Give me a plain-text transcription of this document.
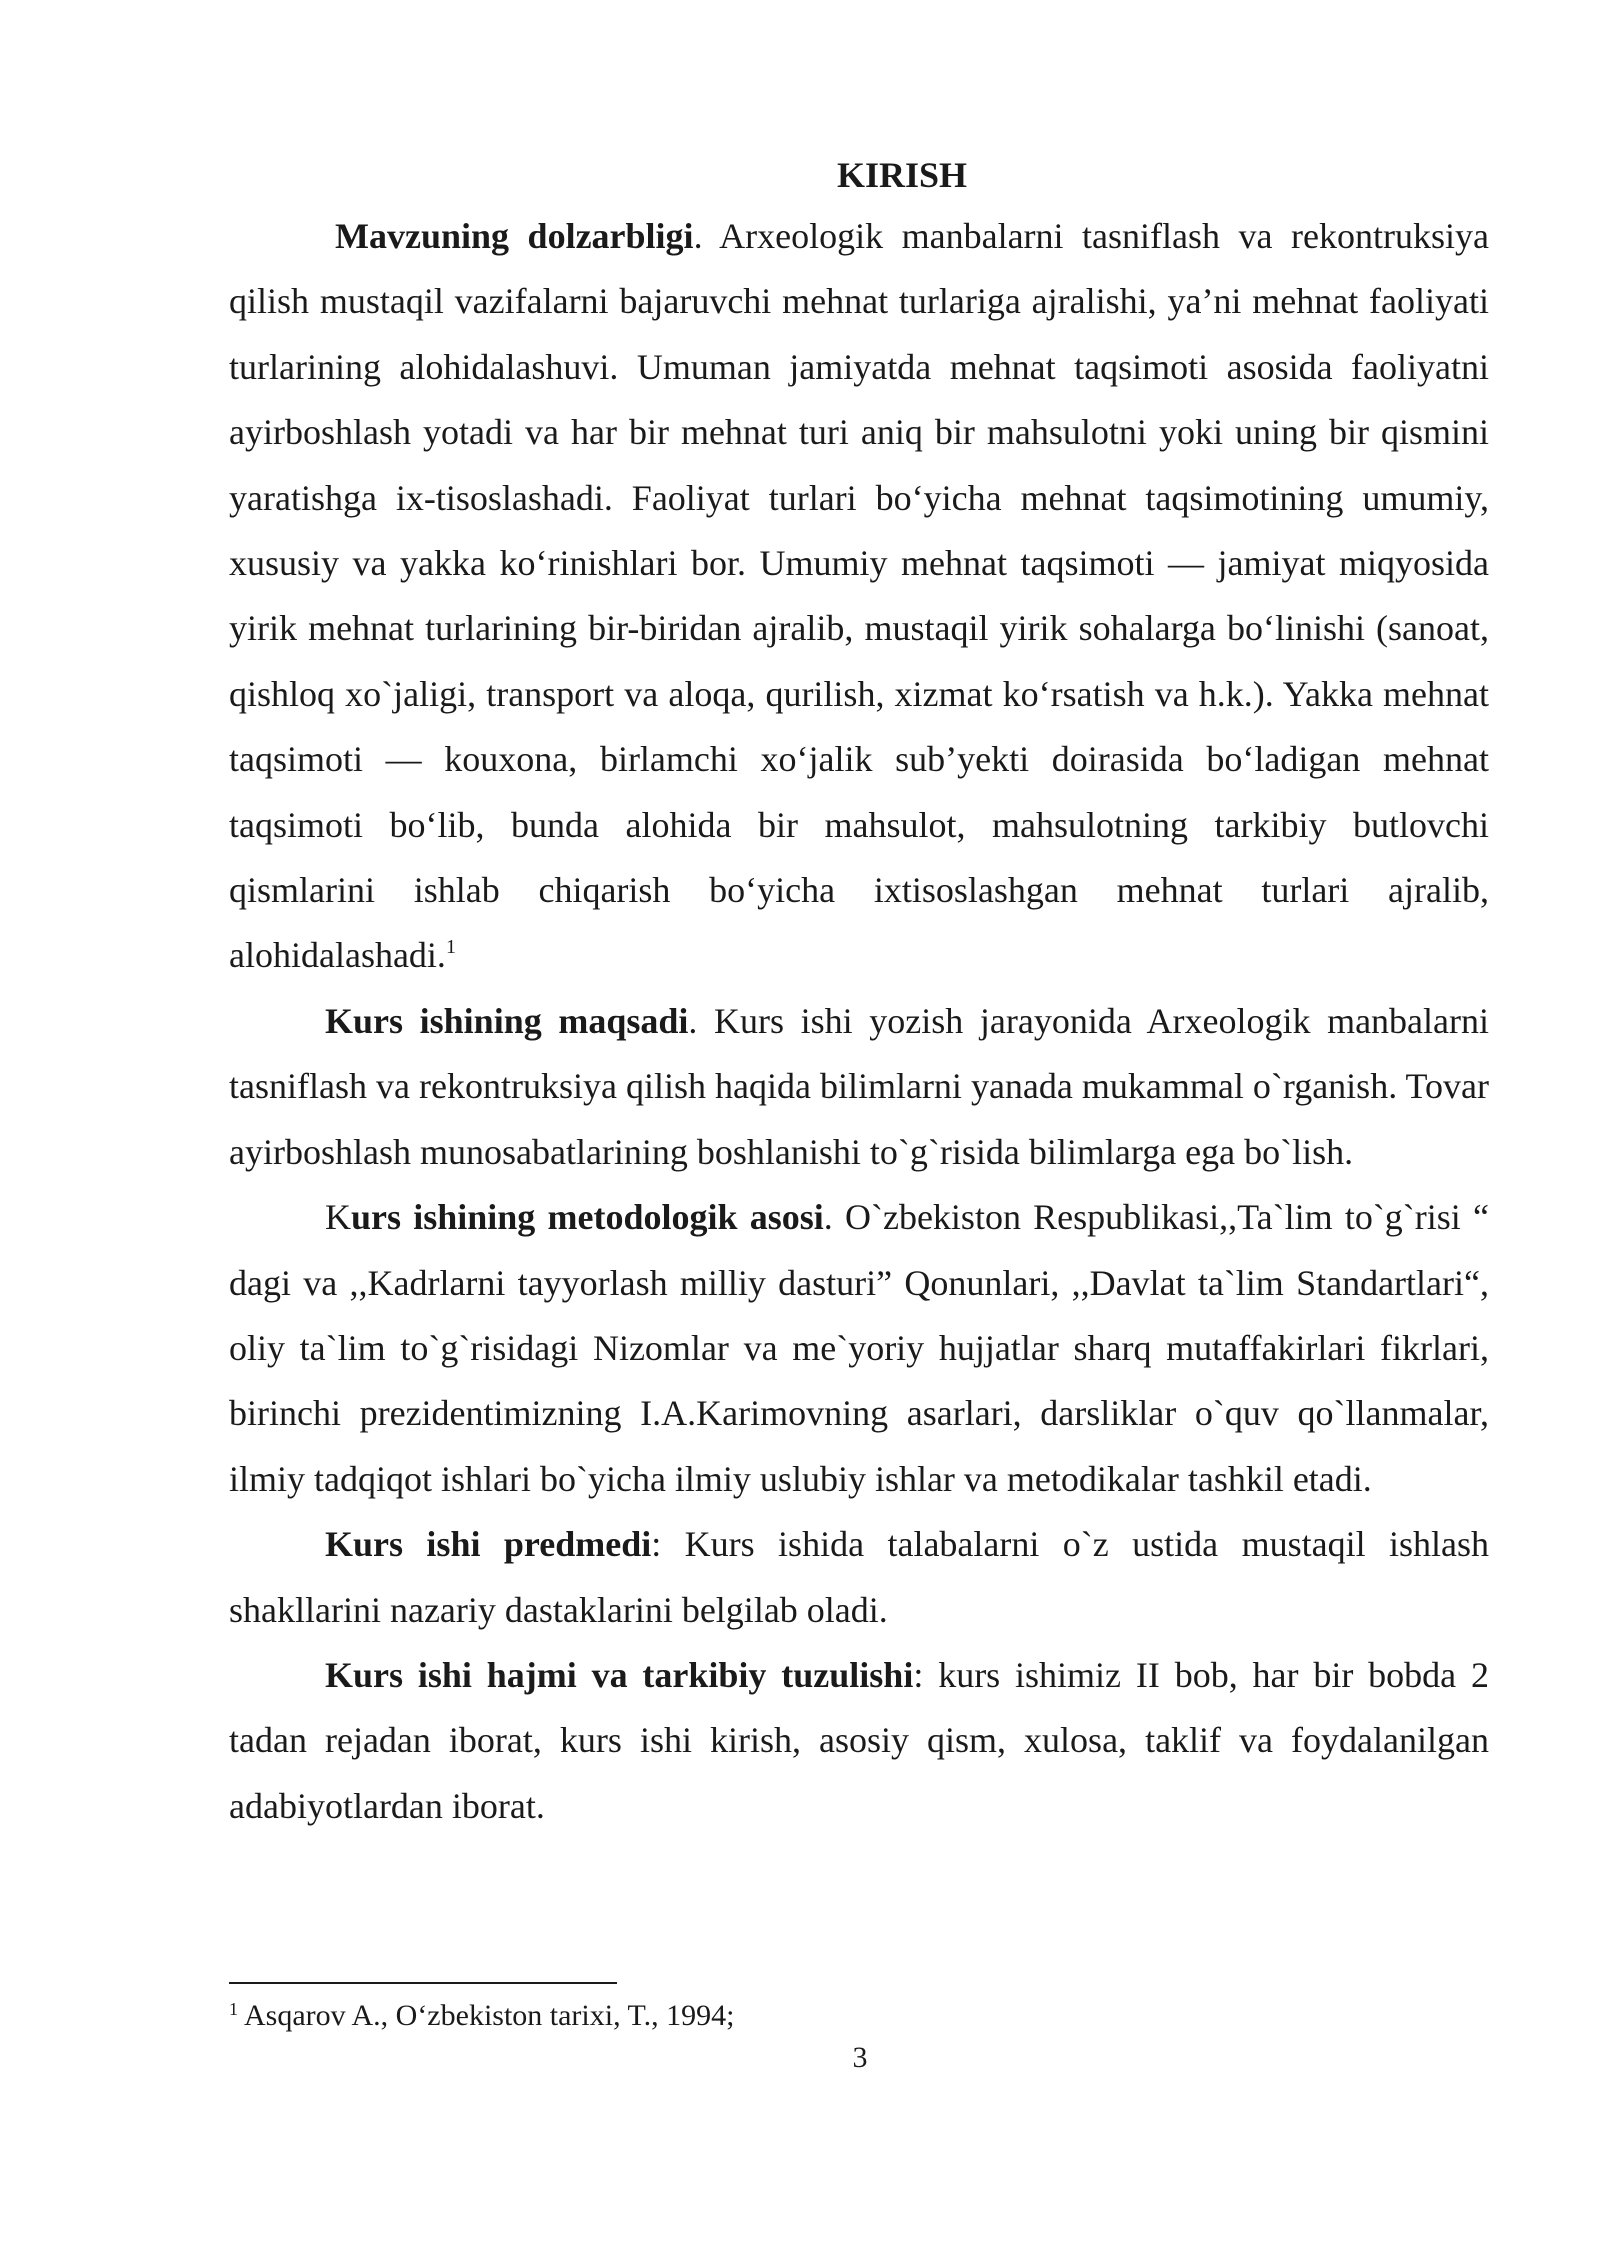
KIRISH

Mavzuning dolzarbligi. Arxeologik manbalarni tasniflash va rekontruksiya qilish mustaqil vazifalarni bajaruvchi mehnat turlariga ajralishi, ya’ni mehnat faoliyati turlarining alohidalashuvi. Umuman jamiyatda mehnat taqsimoti asosida faoliyatni ayirboshlash yotadi va har bir mehnat turi aniq bir mahsulotni yoki uning bir qismini yaratishga ix-tisoslashadi. Faoliyat turlari bo‘yicha mehnat taqsimotining umumiy, xususiy va yakka ko‘rinishlari bor. Umumiy mehnat taqsimoti — jamiyat miqyosida yirik mehnat turlarining bir-biridan ajralib, mustaqil yirik sohalarga bo‘linishi (sanoat, qishloq xo`jaligi, transport va aloqa, qurilish, xizmat ko‘rsatish va h.k.). Yakka mehnat taqsimoti — kouxona, birlamchi xo‘jalik sub’yekti doirasida bo‘ladigan mehnat taqsimoti bo‘lib, bunda alohida bir mahsulot, mahsulotning tarkibiy butlovchi qismlarini ishlab chiqarish bo‘yicha ixtisoslashgan mehnat turlari ajralib, alohidalashadi.$^1$

Kurs ishining maqsadi. Kurs ishi yozish jarayonida Arxeologik manbalarni tasniflash va rekontruksiya qilish haqida bilimlarni yanada mukammal o`rganish. Tovar ayirboshlash munosabatlarining boshlanishi to`g`risida bilimlarga ega bo`lish.

Kurs ishining metodologik asosi. O`zbekiston Respublikasi,,Ta`lim to`g`risi “ dagi va ,,Kadrlarni tayyorlash milliy dasturi” Qonunlari, ,,Davlat ta`lim Standartlari“, oliy ta`lim to`g`risidagi Nizomlar va me`yoriy hujjatlar sharq mutaffakirlari fikrlari, birinchi prezidentimizning I.A.Karimovning asarlari, darsliklar o`quv qo`llanmalar, ilmiy tadqiqot ishlari bo`yicha ilmiy uslubiy ishlar va metodikalar tashkil etadi.

Kurs ishi predmedi: Kurs ishida talabalarni o`z ustida mustaqil ishlash shakllarini nazariy dastaklarini belgilab oladi.

Kurs ishi hajmi va tarkibiy tuzulishi: kurs ishimiz II bob, har bir bobda 2 tadan rejadan iborat, kurs ishi kirish, asosiy qism, xulosa, taklif va foydalanilgan adabiyotlardan iborat.

$^1$ Asqarov A., O‘zbekiston tarixi, T., 1994;
3
